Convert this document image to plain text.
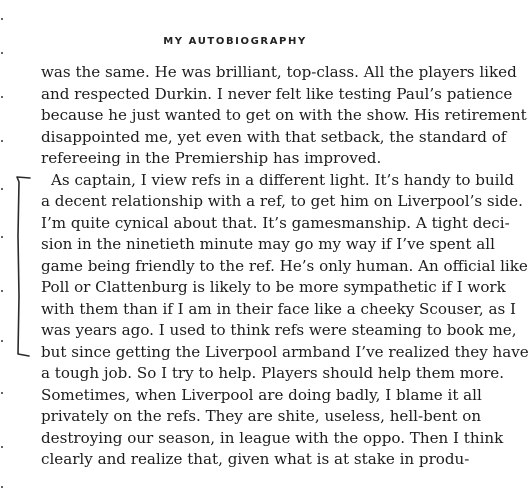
MY AUTOBIOGRAPHY
was the same. He was brilliant, top-class. All the players liked
and respected Durkin. I never felt like testing Paul’s patience
because he just wanted to get on with the show. His retirement
disappointed me, yet even with that setback, the standard of
refereeing in the Premiership has improved.
As captain, I view refs in a different light. It’s handy to build
a decent relationship with a ref, to get him on Liverpool’s side.
I’m quite cynical about that. It’s gamesmanship. A tight deci-
sion in the ninetieth minute may go my way if I’ve spent all
game being friendly to the ref. He’s only human. An official like
Poll or Clattenburg is likely to be more sympathetic if I work
with them than if I am in their face like a cheeky Scouser, as I
was years ago. I used to think refs were steaming to book me,
but since getting the Liverpool armband I’ve realized they have
a tough job. So I try to help. Players should help them more.
Sometimes, when Liverpool are doing badly, I blame it all
privately on the refs. They are shite, useless, hell-bent on
destroying our season, in league with the oppo. Then I think
clearly and realize that, given what is at stake in produ-
